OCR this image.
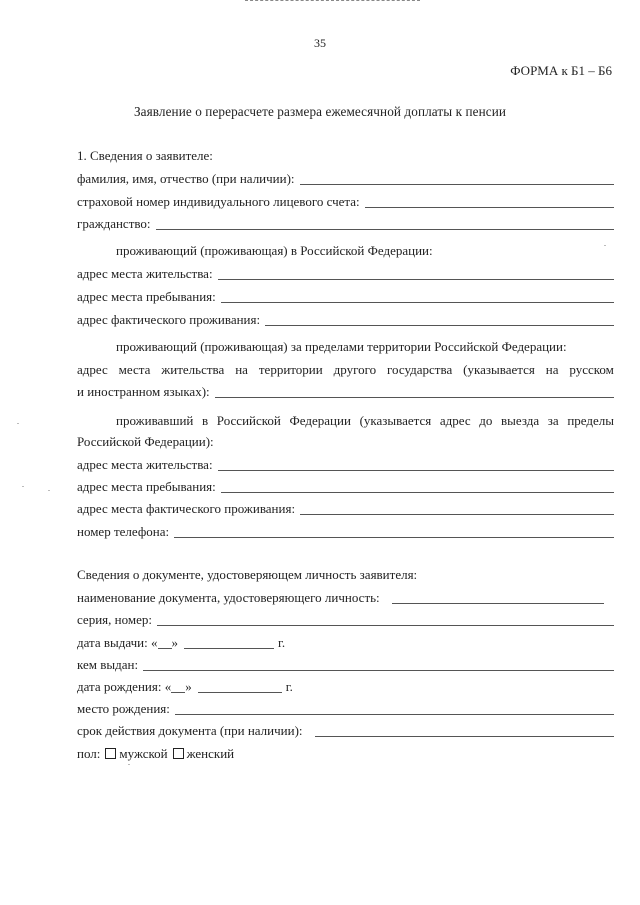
35
ФОРМА к Б1 – Б6
Заявление о перерасчете размера ежемесячной доплаты к пенсии
1. Сведения о заявителе:
фамилия, имя, отчество (при наличии):
страховой номер индивидуального лицевого счета:
гражданство:
проживающий (проживающая) в Российской Федерации:
адрес места жительства:
адрес места пребывания:
адрес фактического проживания:
проживающий (проживающая) за пределами территории Российской Федерации:
адрес места жительства на территории другого государства (указывается на русском
и иностранном языках):
проживавший в Российской Федерации (указывается адрес до выезда за пределы
Российской Федерации):
адрес места жительства:
адрес места пребывания:
адрес места фактического проживания:
номер телефона:
Сведения о документе, удостоверяющем личность заявителя:
наименование документа, удостоверяющего личность:
серия, номер:
дата выдачи: « »	г.
кем выдан:
дата рождения: « »	г.
место рождения:
срок действия документа (при наличии):
пол: мужской женский
